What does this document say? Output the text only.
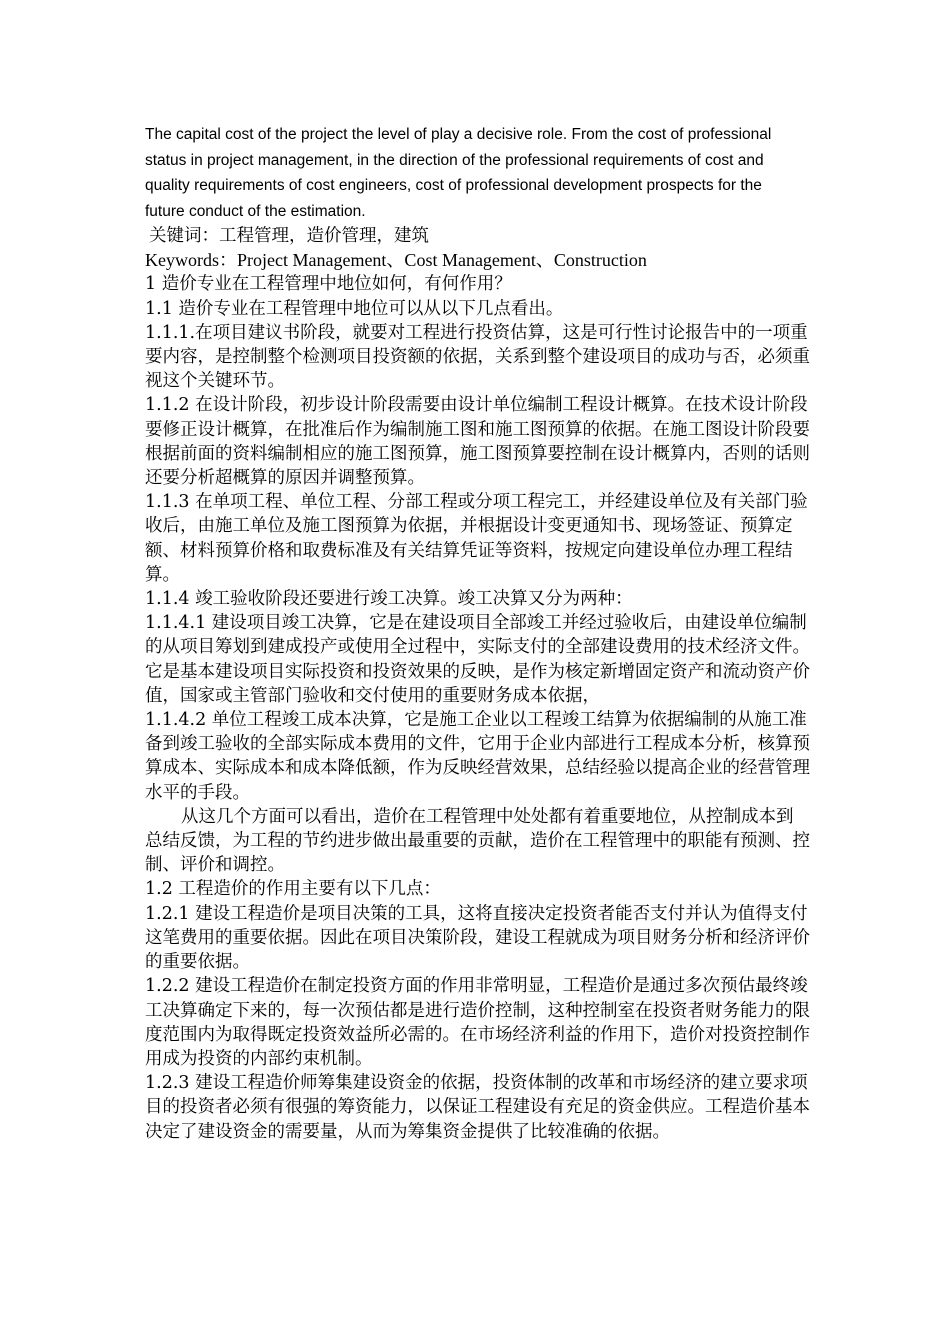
The capital cost of the project the level of play a decisive role. From the cost of professional status in project management, in the direction of the professional requirements of cost and quality requirements of cost engineers, cost of professional development prospects for the future conduct of the estimation.

关键词：工程管理，造价管理，建筑

Keywords：Project Management、Cost Management、Construction

1 造价专业在工程管理中地位如何，有何作用？

1.1 造价专业在工程管理中地位可以从以下几点看出。

1.1.1.在项目建议书阶段，就要对工程进行投资估算，这是可行性讨论报告中的一项重要内容，是控制整个检测项目投资额的依据，关系到整个建设项目的成功与否，必须重视这个关键环节。

1.1.2 在设计阶段，初步设计阶段需要由设计单位编制工程设计概算。在技术设计阶段要修正设计概算，在批准后作为编制施工图和施工图预算的依据。在施工图设计阶段要根据前面的资料编制相应的施工图预算，施工图预算要控制在设计概算内，否则的话则还要分析超概算的原因并调整预算。

1.1.3 在单项工程、单位工程、分部工程或分项工程完工，并经建设单位及有关部门验收后，由施工单位及施工图预算为依据，并根据设计变更通知书、现场签证、预算定额、材料预算价格和取费标准及有关结算凭证等资料，按规定向建设单位办理工程结算。

1.1.4 竣工验收阶段还要进行竣工决算。竣工决算又分为两种：

1.1.4.1 建设项目竣工决算，它是在建设项目全部竣工并经过验收后，由建设单位编制的从项目筹划到建成投产或使用全过程中，实际支付的全部建设费用的技术经济文件。它是基本建设项目实际投资和投资效果的反映，是作为核定新增固定资产和流动资产价值，国家或主管部门验收和交付使用的重要财务成本依据，

1.1.4.2 单位工程竣工成本决算，它是施工企业以工程竣工结算为依据编制的从施工准备到竣工验收的全部实际成本费用的文件，它用于企业内部进行工程成本分析，核算预算成本、实际成本和成本降低额，作为反映经营效果，总结经验以提高企业的经营管理水平的手段。

从这几个方面可以看出，造价在工程管理中处处都有着重要地位，从控制成本到总结反馈，为工程的节约进步做出最重要的贡献，造价在工程管理中的职能有预测、控制、评价和调控。

1.2 工程造价的作用主要有以下几点：

1.2.1 建设工程造价是项目决策的工具，这将直接决定投资者能否支付并认为值得支付这笔费用的重要依据。因此在项目决策阶段，建设工程就成为项目财务分析和经济评价的重要依据。

1.2.2 建设工程造价在制定投资方面的作用非常明显，工程造价是通过多次预估最终竣工决算确定下来的，每一次预估都是进行造价控制，这种控制室在投资者财务能力的限度范围内为取得既定投资效益所必需的。在市场经济利益的作用下，造价对投资控制作用成为投资的内部约束机制。

1.2.3 建设工程造价师筹集建设资金的依据，投资体制的改革和市场经济的建立要求项目的投资者必须有很强的筹资能力，以保证工程建设有充足的资金供应。工程造价基本决定了建设资金的需要量，从而为筹集资金提供了比较准确的依据。
